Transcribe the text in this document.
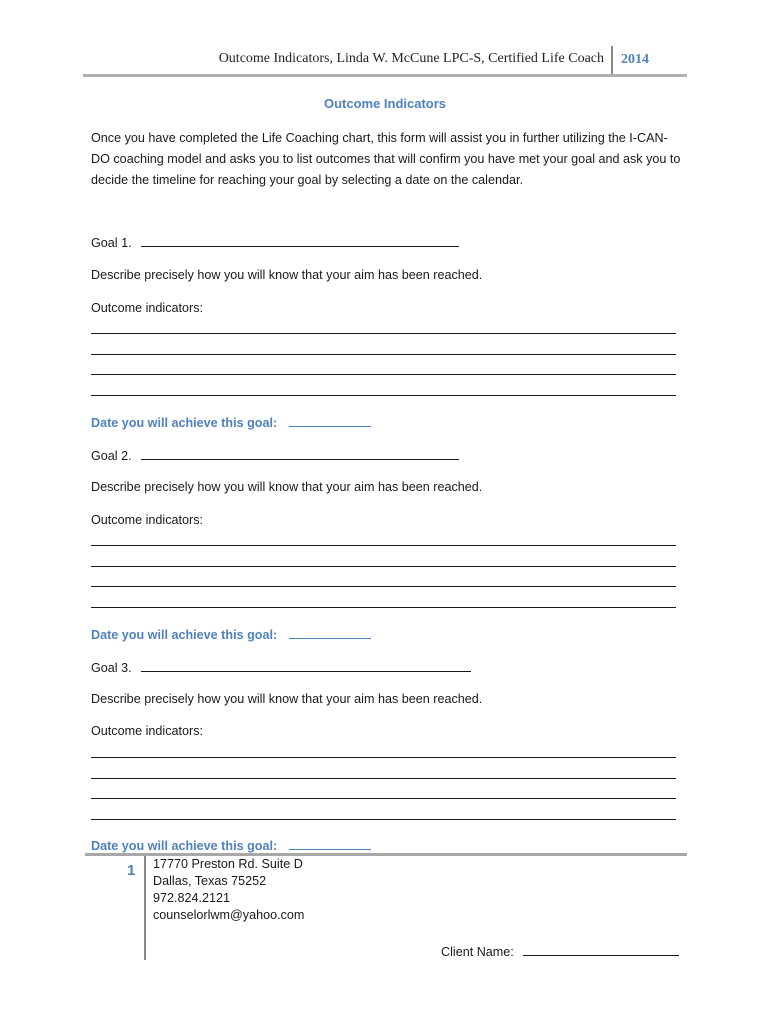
Outcome Indicators, Linda W. McCune LPC-S, Certified Life Coach 2014
Outcome Indicators
Once you have completed the Life Coaching chart, this form will assist you in further utilizing the I-CAN-DO coaching model and asks you to list outcomes that will confirm you have met your goal and ask you to decide the timeline for reaching your goal by selecting a date on the calendar.
Goal 1.
Describe precisely how you will know that your aim has been reached.
Outcome indicators:
Date you will achieve this goal:
Goal 2.
Describe precisely how you will know that your aim has been reached.
Outcome indicators:
Date you will achieve this goal:
Goal 3.
Describe precisely how you will know that your aim has been reached.
Outcome indicators:
Date you will achieve this goal:
1 17770 Preston Rd. Suite D
Dallas, Texas 75252
972.824.2121
counselorlwm@yahoo.com
Client Name:
